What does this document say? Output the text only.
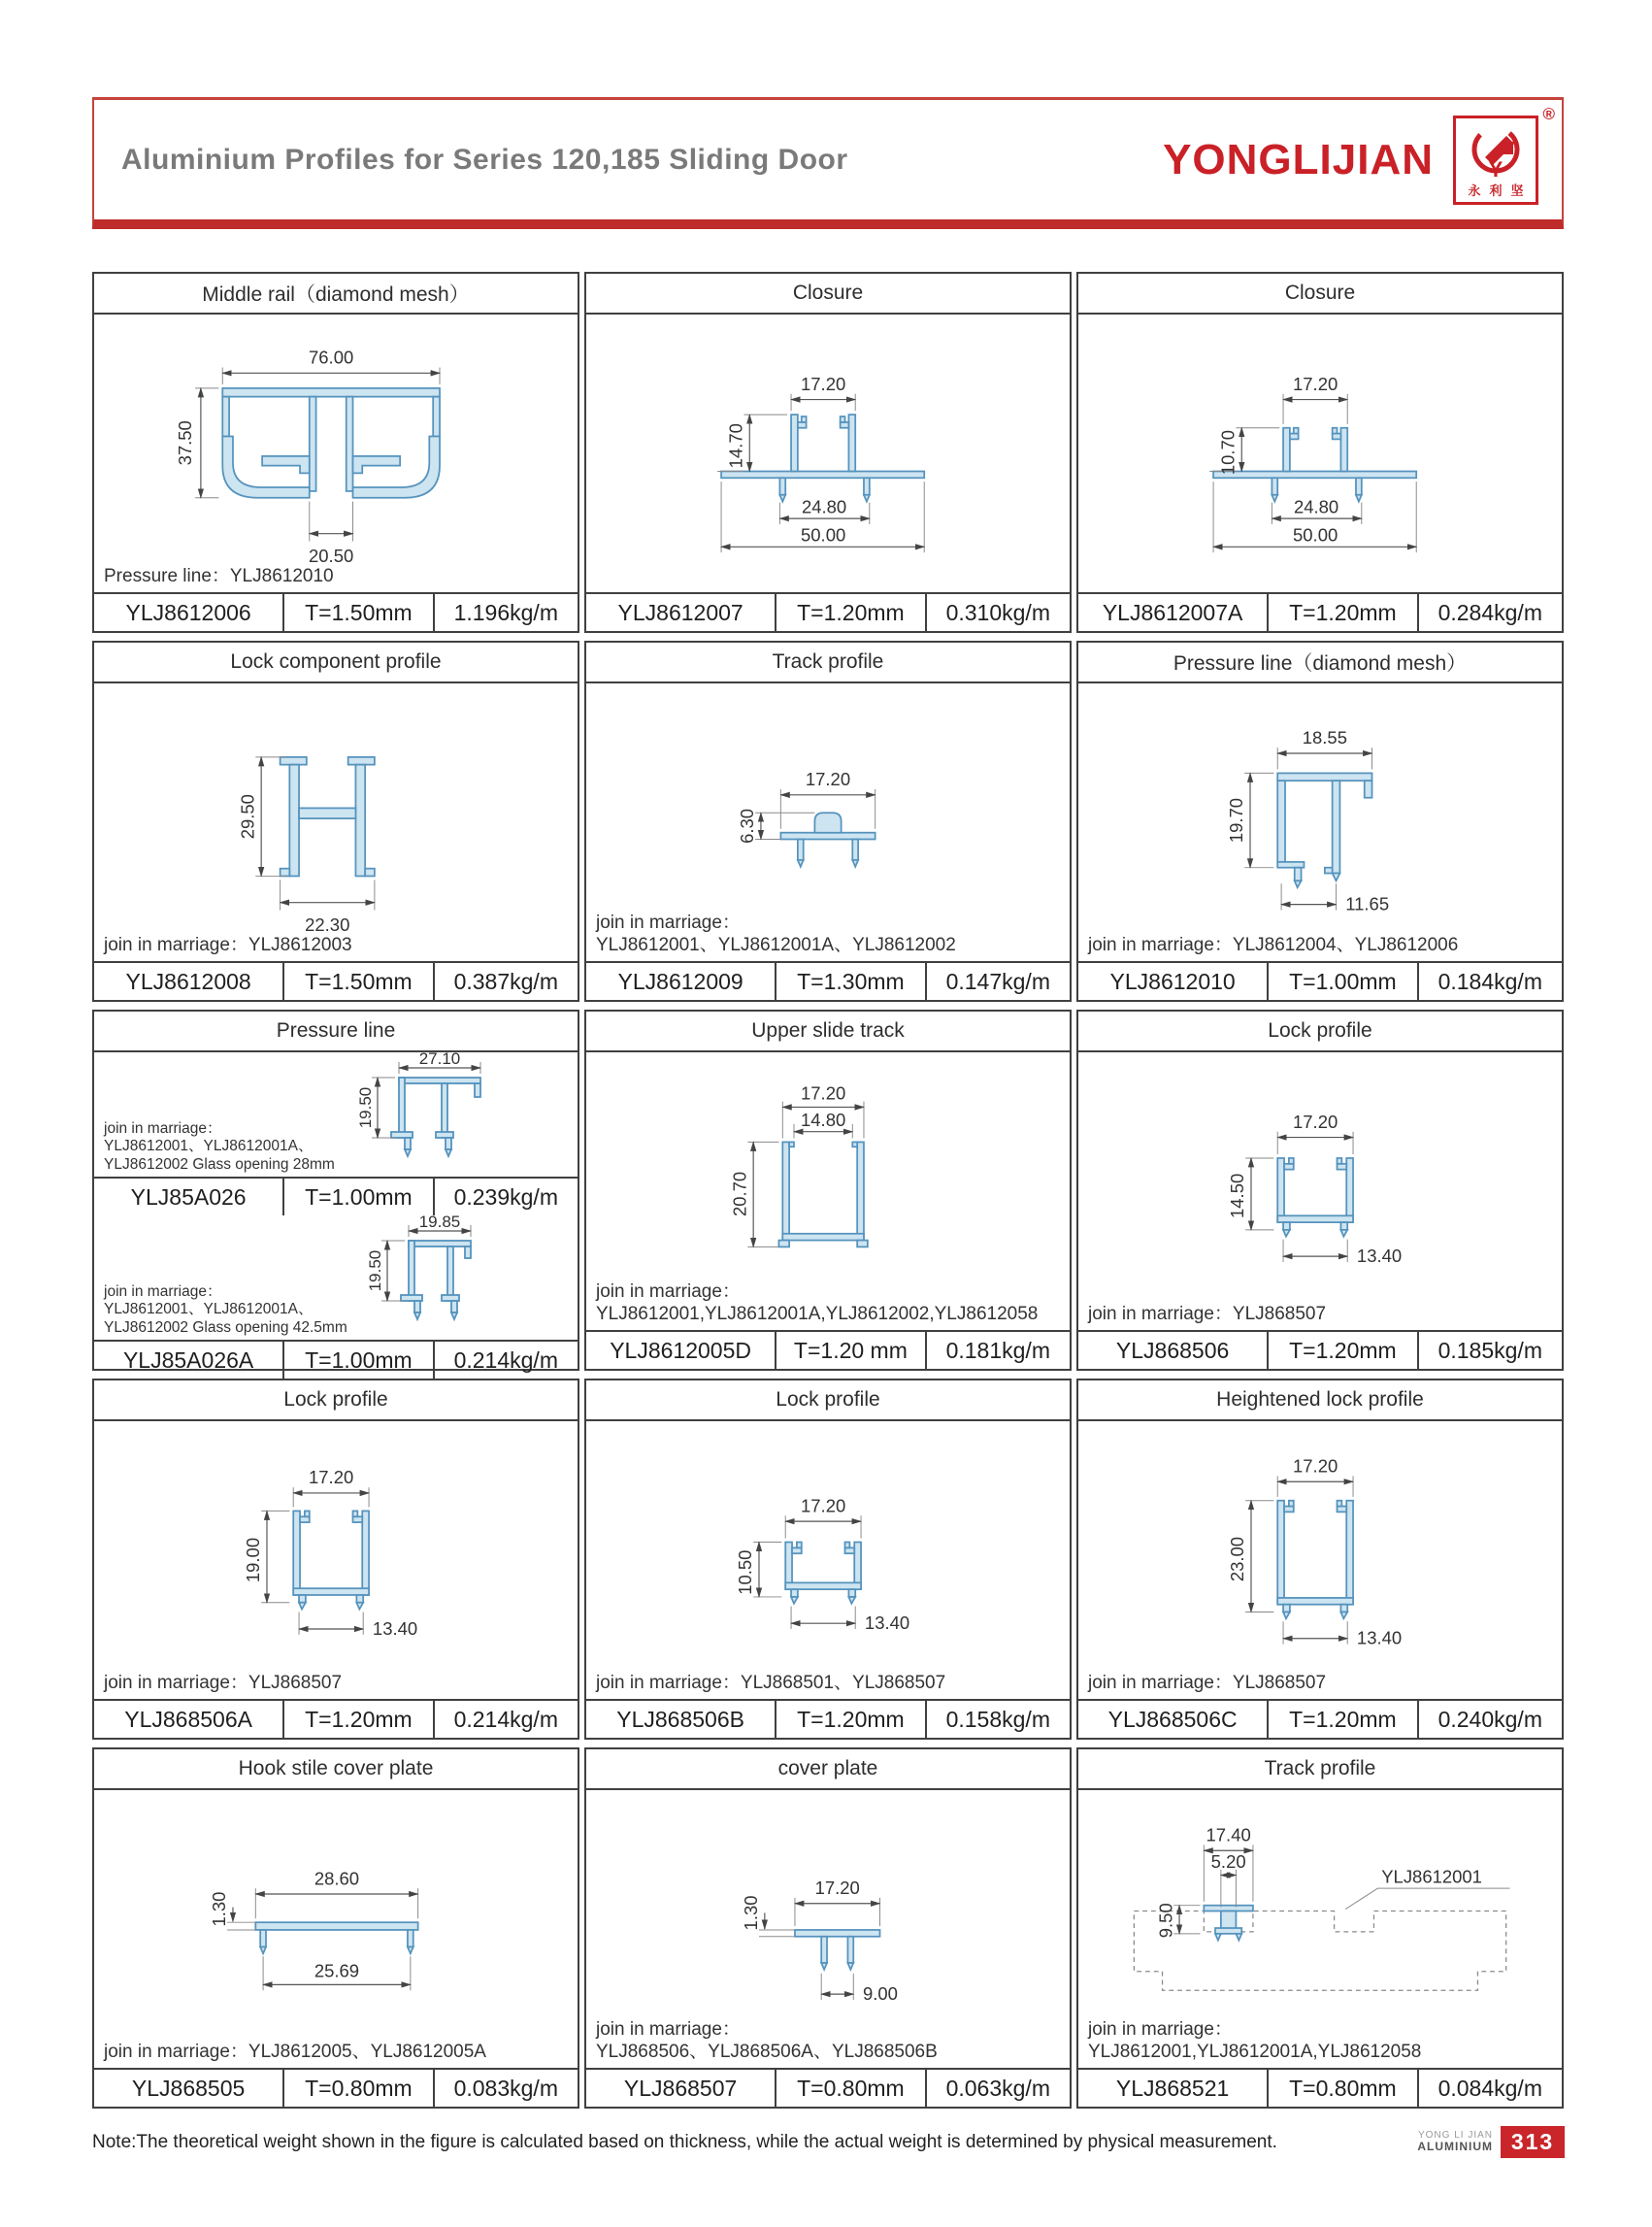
Aluminium Profiles for Series 120,185 Sliding Door	YONGLIJIAN
®
Y
永利坚
Middle rail（diamond mesh）
76.00
37.50
20.50
Pressure line：YLJ8612010
YLJ8612006	T=1.50mm	1.196kg/m
Closure
17.20
14.70
24.80
50.00
YLJ8612007	T=1.20mm	0.310kg/m
Closure
17.20
10.70
24.80
50.00
YLJ8612007A	T=1.20mm	0.284kg/m
Lock component profile
29.50
22.30
join in marriage：YLJ8612003
YLJ8612008	T=1.50mm	0.387kg/m
Track profile
17.20
6.30
join in marriage：
YLJ8612001、YLJ8612001A、YLJ8612002
YLJ8612009	T=1.30mm	0.147kg/m
Pressure line（diamond mesh）
18.55
19.70
11.65
join in marriage：YLJ8612004、YLJ8612006
YLJ8612010	T=1.00mm	0.184kg/m
Pressure line
27.10
19.50
join in marriage：
YLJ8612001、YLJ8612001A、
YLJ8612002 Glass opening 28mm
YLJ85A026	T=1.00mm	0.239kg/m
19.85
19.50
join in marriage：
YLJ8612001、YLJ8612001A、
YLJ8612002 Glass opening 42.5mm
YLJ85A026A	T=1.00mm	0.214kg/m
Upper slide track
17.20
14.80
20.70
join in marriage：
YLJ8612001,YLJ8612001A,YLJ8612002,YLJ8612058
YLJ8612005D	T=1.20 mm	0.181kg/m
Lock profile
17.20
14.50
13.40
join in marriage：YLJ868507
YLJ868506	T=1.20mm	0.185kg/m
Lock profile
17.20
19.00
13.40
join in marriage：YLJ868507
YLJ868506A	T=1.20mm	0.214kg/m
Lock profile
17.20
10.50
13.40
join in marriage：YLJ868501、YLJ868507
YLJ868506B	T=1.20mm	0.158kg/m
Heightened lock profile
17.20
23.00
13.40
join in marriage：YLJ868507
YLJ868506C	T=1.20mm	0.240kg/m
Hook stile cover plate
1.30
28.60
25.69
join in marriage：YLJ8612005、YLJ8612005A
YLJ868505	T=0.80mm	0.083kg/m
cover plate
1.30
17.20
9.00
join in marriage：
YLJ868506、YLJ868506A、YLJ868506B
YLJ868507	T=0.80mm	0.063kg/m
Track profile
YLJ8612001
17.40
5.20
9.50
join in marriage：
YLJ8612001,YLJ8612001A,YLJ8612058
YLJ868521	T=0.80mm	0.084kg/m
Note:The theoretical weight shown in the figure is calculated based on thickness, while the actual weight is determined by physical measurement.	YONG LI JIAN
ALUMINIUM 313
